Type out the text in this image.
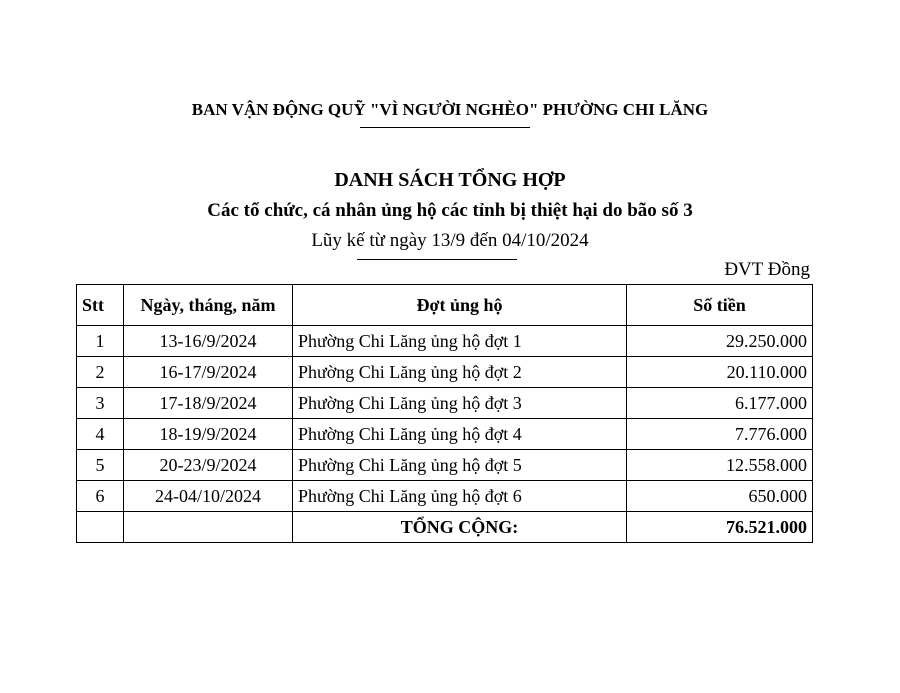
BAN VẬN ĐỘNG QUỸ "VÌ NGƯỜI NGHÈO" PHƯỜNG CHI LĂNG
DANH SÁCH TỔNG HỢP
Các tổ chức, cá nhân ủng hộ các tỉnh bị thiệt hại do bão số 3
Lũy kế từ ngày 13/9 đến 04/10/2024
ĐVT Đồng
Stt	Ngày, tháng, năm	Đợt ủng hộ	Số tiền
1	13-16/9/2024	Phường Chi Lăng ủng hộ đợt 1	29.250.000
2	16-17/9/2024	Phường Chi Lăng ủng hộ đợt 2	20.110.000
3	17-18/9/2024	Phường Chi Lăng ủng hộ đợt 3	6.177.000
4	18-19/9/2024	Phường Chi Lăng ủng hộ đợt 4	7.776.000
5	20-23/9/2024	Phường Chi Lăng ủng hộ đợt 5	12.558.000
6	24-04/10/2024	Phường Chi Lăng ủng hộ đợt 6	650.000
		TỔNG CỘNG:	76.521.000
